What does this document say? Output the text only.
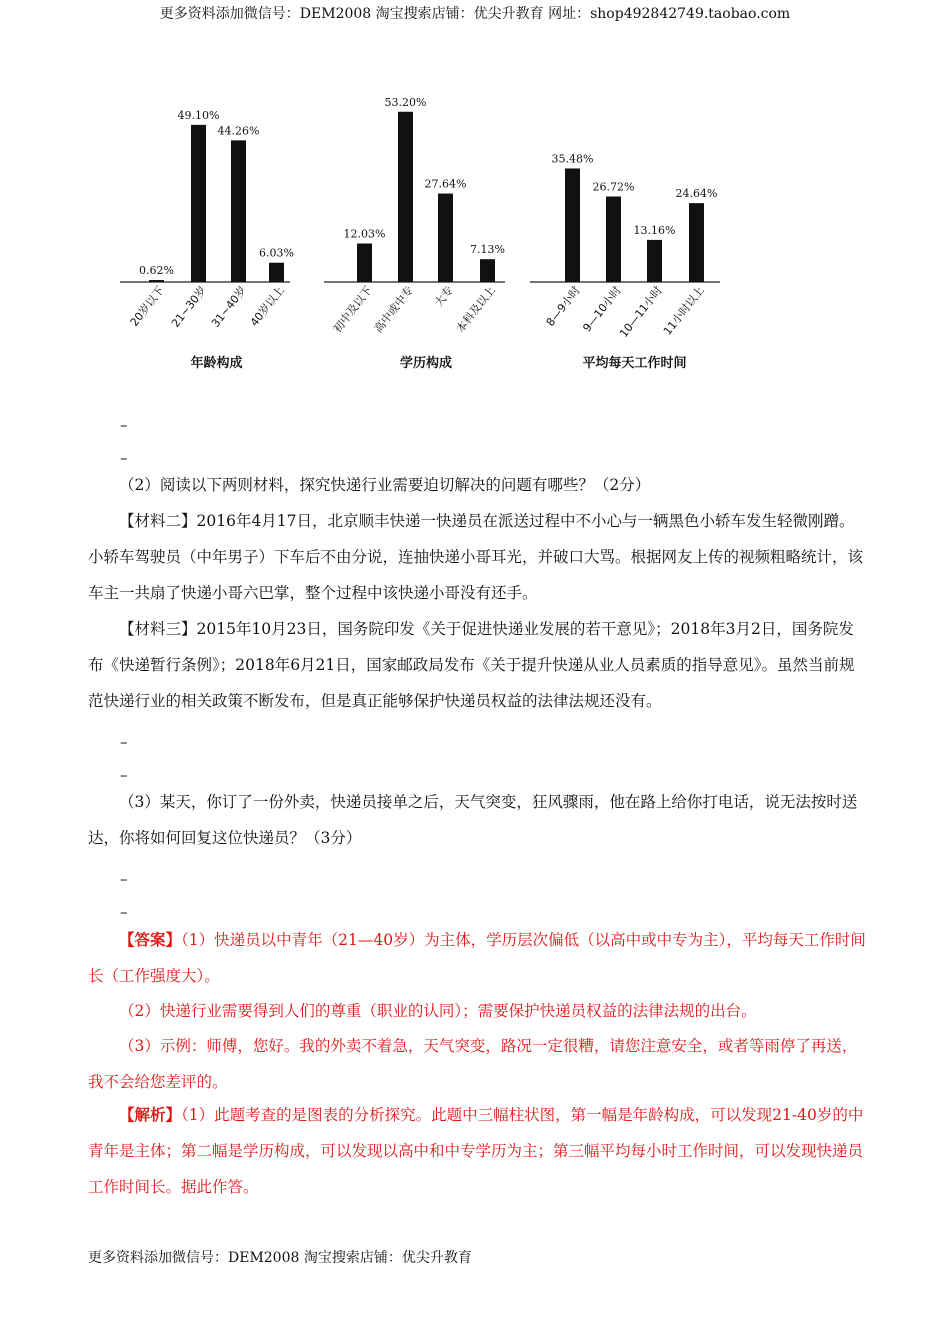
更多资料添加微信号：DEM2008 淘宝搜索店铺：优尖升教育 网址：shop492842749.taobao.com
0.62%
20岁以下
49.10%
21~30岁
44.26%
31~40岁
6.03%
40岁以上
年龄构成
12.03%
初中及以下
53.20%
高中或中专
27.64%
大专
7.13%
本科及以上
学历构成
35.48%
8—9小时
26.72%
9—10小时
13.16%
10—11小时
24.64%
11小时以上
平均每天工作时间
–
–

（2）阅读以下两则材料，探究快递行业需要迫切解决的问题有哪些？（2分）

【材料二】2016年4月17日，北京顺丰快递一快递员在派送过程中不小心与一辆黑色小轿车发生轻微刚蹭。小轿车驾驶员（中年男子）下车后不由分说，连抽快递小哥耳光，并破口大骂。根据网友上传的视频粗略统计，该车主一共扇了快递小哥六巴掌，整个过程中该快递小哥没有还手。

【材料三】2015年10月23日，国务院印发《关于促进快递业发展的若干意见》；2018年3月2日，国务院发布《快递暂行条例》；2018年6月21日，国家邮政局发布《关于提升快递从业人员素质的指导意见》。虽然当前规范快递行业的相关政策不断发布，但是真正能够保护快递员权益的法律法规还没有。

–
–

（3）某天，你订了一份外卖，快递员接单之后，天气突变，狂风骤雨，他在路上给你打电话，说无法按时送达，你将如何回复这位快递员？（3分）

–
–

【答案】（1）快递员以中青年（21—40岁）为主体，学历层次偏低（以高中或中专为主），平均每天工作时间长（工作强度大）。

（2）快递行业需要得到人们的尊重（职业的认同）；需要保护快递员权益的法律法规的出台。

（3）示例：师傅，您好。我的外卖不着急，天气突变，路况一定很糟，请您注意安全，或者等雨停了再送，我不会给您差评的。

【解析】（1）此题考查的是图表的分析探究。此题中三幅柱状图，第一幅是年龄构成，可以发现21-40岁的中青年是主体；第二幅是学历构成，可以发现以高中和中专学历为主；第三幅平均每小时工作时间，可以发现快递员工作时间长。据此作答。

更多资料添加微信号：DEM2008 淘宝搜索店铺：优尖升教育
